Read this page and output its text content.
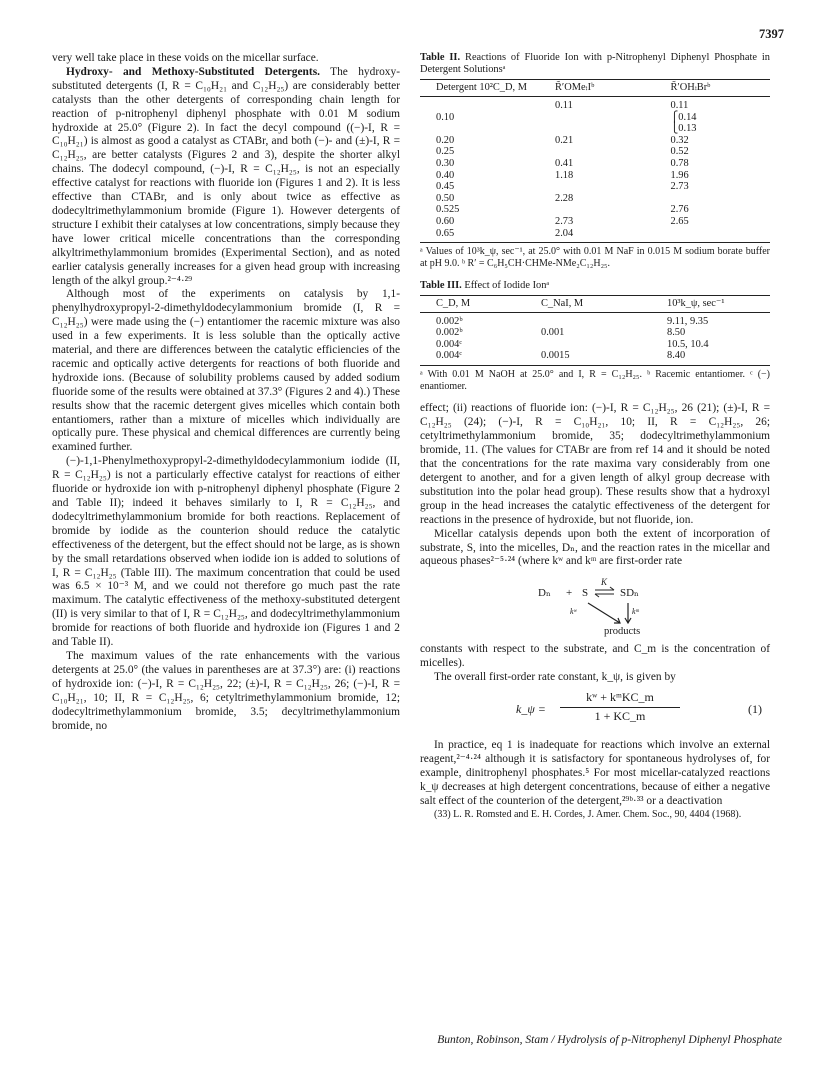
7397

very well take place in these voids on the micellar surface.

Hydroxy- and Methoxy-Substituted Detergents. The hydroxy-substituted detergents (I, R = C₁₀H₂₁ and C₁₂H₂₅) are considerably better catalysts than the other detergents of corresponding chain length for reaction of p-nitrophenyl diphenyl phosphate with 0.01 M sodium hydroxide at 25.0° (Figure 2). In fact the decyl compound ((−)-I, R = C₁₀H₂₁) is almost as good a catalyst as CTABr, and both (−)- and (±)-I, R = C₁₂H₂₅, are better catalysts (Figures 2 and 3), despite the shorter alkyl chains. The dodecyl compound, (−)-I, R = C₁₂H₂₅, is not an especially effective catalyst for reactions with fluoride ion (Figures 1 and 2). It is less effective than CTABr, and is only about twice as effective as dodecyltrimethylammonium bromide (Figure 1). However detergents of structure I exhibit their catalyses at low concentrations, simply because they have lower critical micelle concentrations than the corresponding alkyltrimethylammonium bromides (Experimental Section), and as noted earlier catalysis generally increases for a given head group with increasing length of the alkyl group.²⁻⁴·²⁹

Although most of the experiments on catalysis by 1,1-phenylhydroxypropyl-2-dimethyldodecylammonium bromide (I, R = C₁₂H₂₅) were made using the (−) entantiomer the racemic mixture was also used in a few experiments. It is less soluble than the optically active material, and there are differences between the catalytic efficiencies of the racemic and optically active detergents for reactions of both fluoride and hydroxide ions. (Because of solubility problems caused by added sodium fluoride some of the results were obtained at 37.3° (Figures 2 and 4).) These results show that the racemic detergent gives micelles which contain both entantiomers, rather than a mixture of micelles which individually are optically pure. These physical and chemical differences are currently being examined further.

(−)-1,1-Phenylmethoxypropyl-2-dimethyldodecylammonium iodide (II, R = C₁₂H₂₅) is not a particularly effective catalyst for reactions of either fluoride or hydroxide ion with p-nitrophenyl diphenyl phosphate (Figure 2 and Table II); indeed it behaves similarly to I, R = C₁₂H₂₅, and dodecyltrimethylammonium bromide for both reactions. Replacement of bromide by iodide as the counterion should reduce the catalytic effectiveness of the detergent, but the effect should not be large, as is shown by the small retardations observed when iodide ion is added to solutions of I, R = C₁₂H₂₅ (Table III). The maximum concentration that could be used was 6.5 × 10⁻³ M, and we could not therefore go much past the rate maximum. The catalytic effectiveness of the methoxy-substituted detergent (II) is very similar to that of I, R = C₁₂H₂₅, and dodecyltrimethylammonium bromide for reactions of both fluoride and hydroxide ion (Figures 1 and 2 and Table II).

The maximum values of the rate enhancements with the various detergents at 25.0° (the values in parentheses are at 37.3°) are: (i) reactions of hydroxide ion: (−)-I, R = C₁₂H₂₅, 22; (±)-I, R = C₁₂H₂₅, 26; (−)-I, R = C₁₀H₂₁, 10; II, R = C₁₂H₂₅, 6; cetyltrimethylammonium bromide, 12; dodecyltrimethylammonium bromide, 3.5; decyltrimethylammonium bromide, no

Table II. Reactions of Fluoride Ion with p-Nitrophenyl Diphenyl Phosphate in Detergent Solutionsᵃ
Detergent 10²C_D, M	R̃′OMe⨾Iᵇ	R̃′OH⨾Brᵇ
	0.11	0.11
0.10		⎧0.14
		⎩0.13
0.20	0.21	0.32
0.25		0.52
0.30	0.41	0.78
0.40	1.18	1.96
0.45		2.73
0.50	2.28	
0.525		2.76
0.60	2.73	2.65
0.65	2.04	
ᵃ Values of 10³k_ψ, sec⁻¹, at 25.0° with 0.01 M NaF in 0.015 M sodium borate buffer at pH 9.0. ᵇ R′ = C₆H₅CH·CHMe-NMe₂C₁₂H₂₅.
Table III. Effect of Iodide Ionᵃ
C_D, M	C_NaI, M	10³k_ψ, sec⁻¹
0.002ᵇ		9.11, 9.35
0.002ᵇ	0.001	8.50
0.004ᶜ		10.5, 10.4
0.004ᶜ	0.0015	8.40
ᵃ With 0.01 M NaOH at 25.0° and I, R = C₁₂H₂₅. ᵇ Racemic entantiomer. ᶜ (−) enantiomer.

effect; (ii) reactions of fluoride ion: (−)-I, R = C₁₂H₂₅, 26 (21); (±)-I, R = C₁₂H₂₅ (24); (−)-I, R = C₁₀H₂₁, 10; II, R = C₁₂H₂₅, 26; cetyltrimethylammonium bromide, 35; dodecyltrimethylammonium bromide, 11. (The values for CTABr are from ref 14 and it should be noted that the concentrations for the rate maxima vary considerably from one detergent to another, and for a given length of alkyl group decrease with substitution into the polar head group). These results show that a hydroxyl group in the head increases the catalytic effectiveness of the detergent for reactions in the presence of hydroxide, but not fluoride, ion.

Micellar catalysis depends upon both the extent of incorporation of substrate, S, into the micelles, Dₙ, and the reaction rates in the micellar and aqueous phases²⁻⁵·²⁴ (where kʷ and kᵐ are first-order rate

Dₙ + S
K
⇌ SDₙ
kʷ	kᵐ
products

constants with respect to the substrate, and C_m is the concentration of micelles).

The overall first-order rate constant, k_ψ, is given by

k_ψ =
kʷ + kᵐKC_m
1 + KC_m	(1)

In practice, eq 1 is inadequate for reactions which involve an external reagent,²⁻⁴·²⁴ although it is satisfactory for spontaneous hydrolyses of, for example, dinitrophenyl phosphates.⁵ For most micellar-catalyzed reactions k_ψ decreases at high detergent concentrations, because of either a negative salt effect of the counterion of the detergent,²⁹ᵇ·³³ or a deactivation

(33) L. R. Romsted and E. H. Cordes, J. Amer. Chem. Soc., 90, 4404 (1968).

Bunton, Robinson, Stam / Hydrolysis of p-Nitrophenyl Diphenyl Phosphate
